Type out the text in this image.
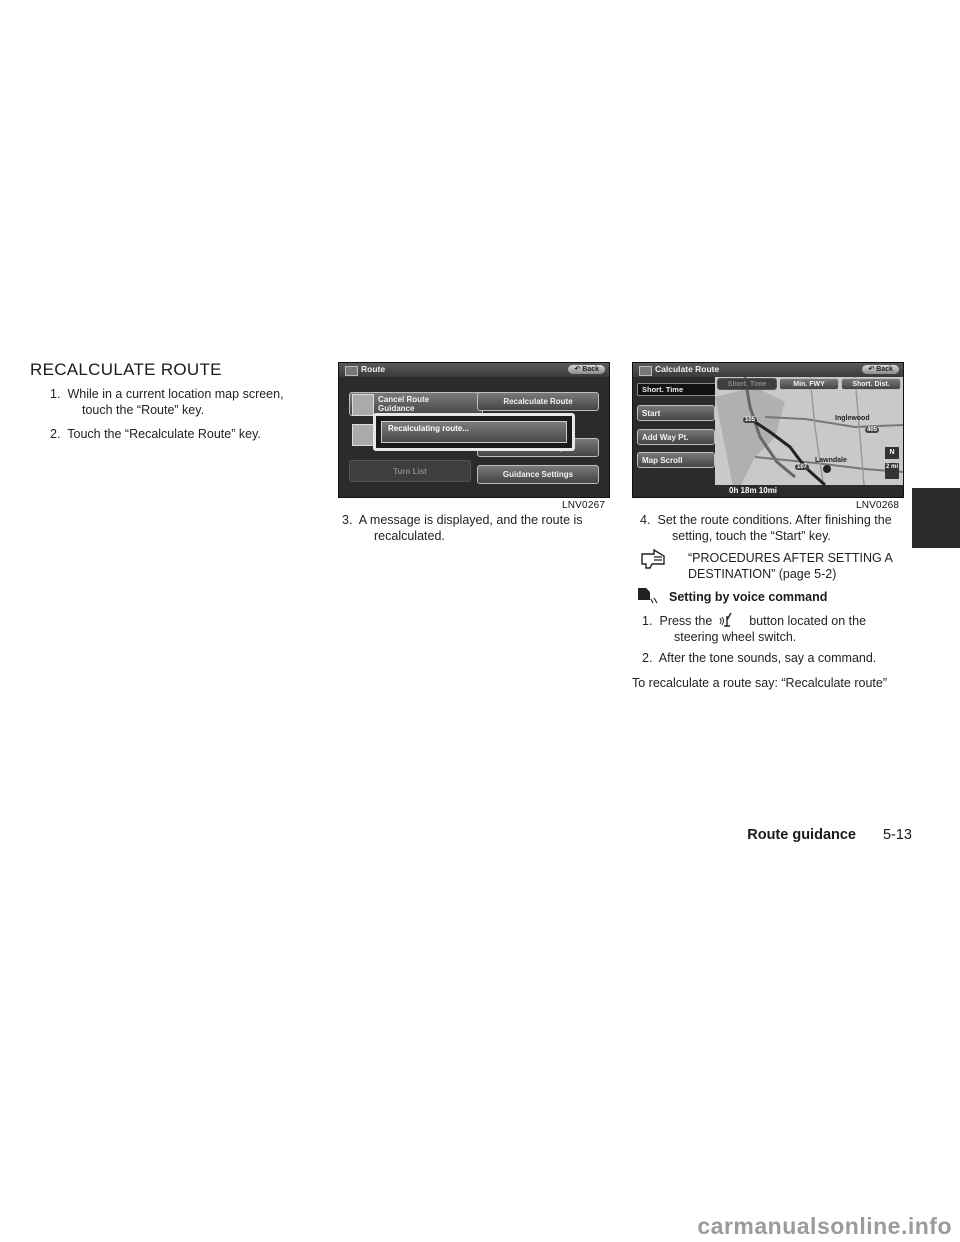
RECALCULATE ROUTE
1. While in a current location map screen,
touch the “Route” key.
2. Touch the “Recalculate Route” key.
Route	↶ Back
Cancel Route Guidance
Recalculate Route
Turn List	Guidance Settings
Recalculating route...
LNV0267
3. A message is displayed, and the route is
recalculated.
Calculate Route	↶ Back
Short. Time
Start
Add Way Pt.
Map Scroll
Short. Time	Min. FWY	Short. Dist.
Inglewood
Lawndale
105
405
107
N
2 mi
0h 18m 10mi
LNV0268
4. Set the route conditions. After finishing the
setting, touch the “Start” key.
“PROCEDURES AFTER SETTING A
DESTINATION” (page 5-2)
Setting by voice command
1. Press the	button located on the
steering wheel switch.
2. After the tone sounds, say a command.
To recalculate a route say: “Recalculate route”
Route guidance 5-13
carmanualsonline.info
